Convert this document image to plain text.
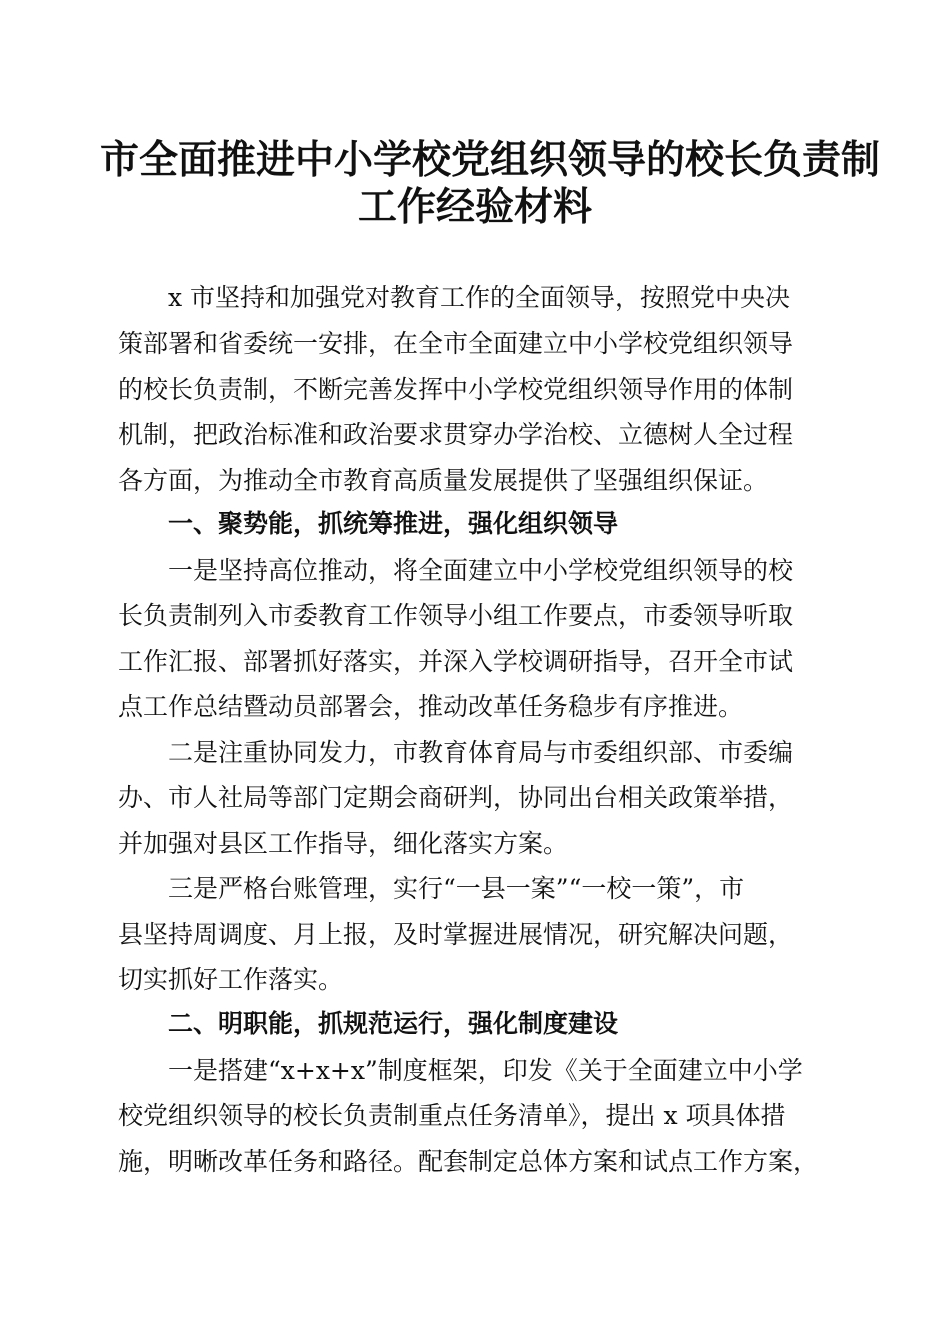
市全面推进中小学校党组织领导的校长负责制
工作经验材料

x 市坚持和加强党对教育工作的全面领导，按照党中央决

策部署和省委统一安排，在全市全面建立中小学校党组织领导

的校长负责制，不断完善发挥中小学校党组织领导作用的体制

机制，把政治标准和政治要求贯穿办学治校、立德树人全过程

各方面，为推动全市教育高质量发展提供了坚强组织保证。

一、聚势能，抓统筹推进，强化组织领导

一是坚持高位推动，将全面建立中小学校党组织领导的校

长负责制列入市委教育工作领导小组工作要点，市委领导听取

工作汇报、部署抓好落实，并深入学校调研指导，召开全市试

点工作总结暨动员部署会，推动改革任务稳步有序推进。

二是注重协同发力，市教育体育局与市委组织部、市委编

办、市人社局等部门定期会商研判，协同出台相关政策举措，

并加强对县区工作指导，细化落实方案。

三是严格台账管理，实行“一县一案”“一校一策”，市

县坚持周调度、月上报，及时掌握进展情况，研究解决问题，

切实抓好工作落实。

二、明职能，抓规范运行，强化制度建设

一是搭建“x+x+x”制度框架，印发《关于全面建立中小学

校党组织领导的校长负责制重点任务清单》，提出 x 项具体措

施，明晰改革任务和路径。配套制定总体方案和试点工作方案，
